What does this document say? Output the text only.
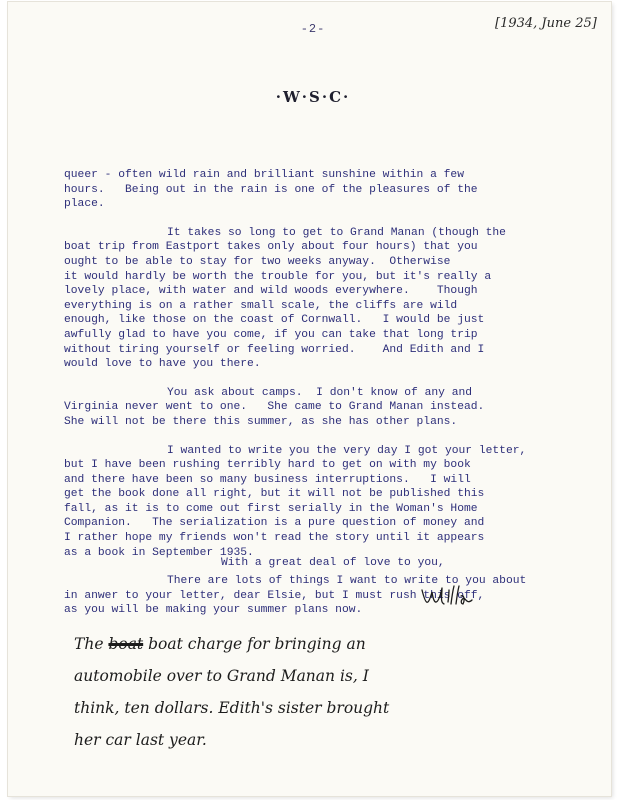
-2-	[1934, June 25]
·W·S·C·
queer - often wild rain and brilliant sunshine within a few
hours.   Being out in the rain is one of the pleasures of the
place.
It takes so long to get to Grand Manan (though the
boat trip from Eastport takes only about four hours) that you
ought to be able to stay for two weeks anyway.  Otherwise
it would hardly be worth the trouble for you, but it's really a
lovely place, with water and wild woods everywhere.    Though
everything is on a rather small scale, the cliffs are wild
enough, like those on the coast of Cornwall.   I would be just
awfully glad to have you come, if you can take that long trip
without tiring yourself or feeling worried.    And Edith and I
would love to have you there.
You ask about camps.  I don't know of any and
Virginia never went to one.   She came to Grand Manan instead.
She will not be there this summer, as she has other plans.
I wanted to write you the very day I got your letter,
but I have been rushing terribly hard to get on with my book
and there have been so many business interruptions.   I will
get the book done all right, but it will not be published this
fall, as it is to come out first serially in the Woman's Home
Companion.   The serialization is a pure question of money and
I rather hope my friends won't read the story until it appears
as a book in September 1935.
There are lots of things I want to write to you about
in anwer to your letter, dear Elsie, but I must rush this off,
as you will be making your summer plans now.
With a great deal of love to you,
The boat boat charge for bringing an
automobile over to Grand Manan is, I
think, ten dollars. Edith's sister brought
her car last year.
